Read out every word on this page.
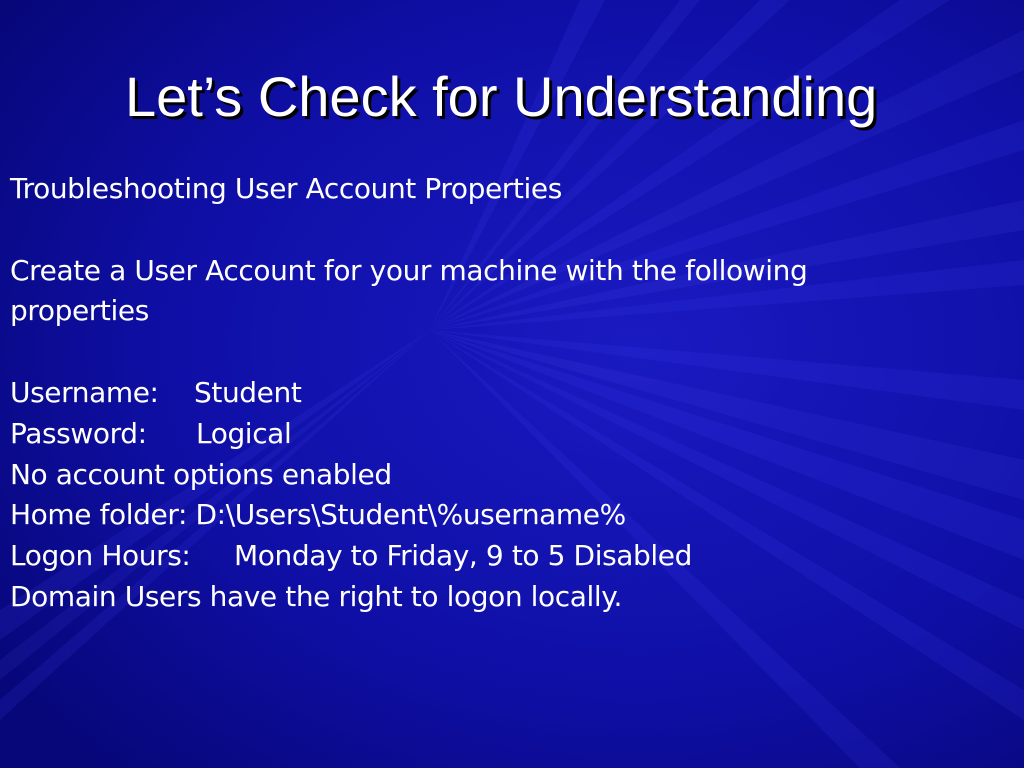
Let’s Check for Understanding
Troubleshooting User Account Properties
Create a User Account for your machine with the following
properties
Username: Student
Password: Logical
No account options enabled
Home folder: D:\Users\Student\%username%
Logon Hours: Monday to Friday, 9 to 5 Disabled
Domain Users have the right to logon locally.
